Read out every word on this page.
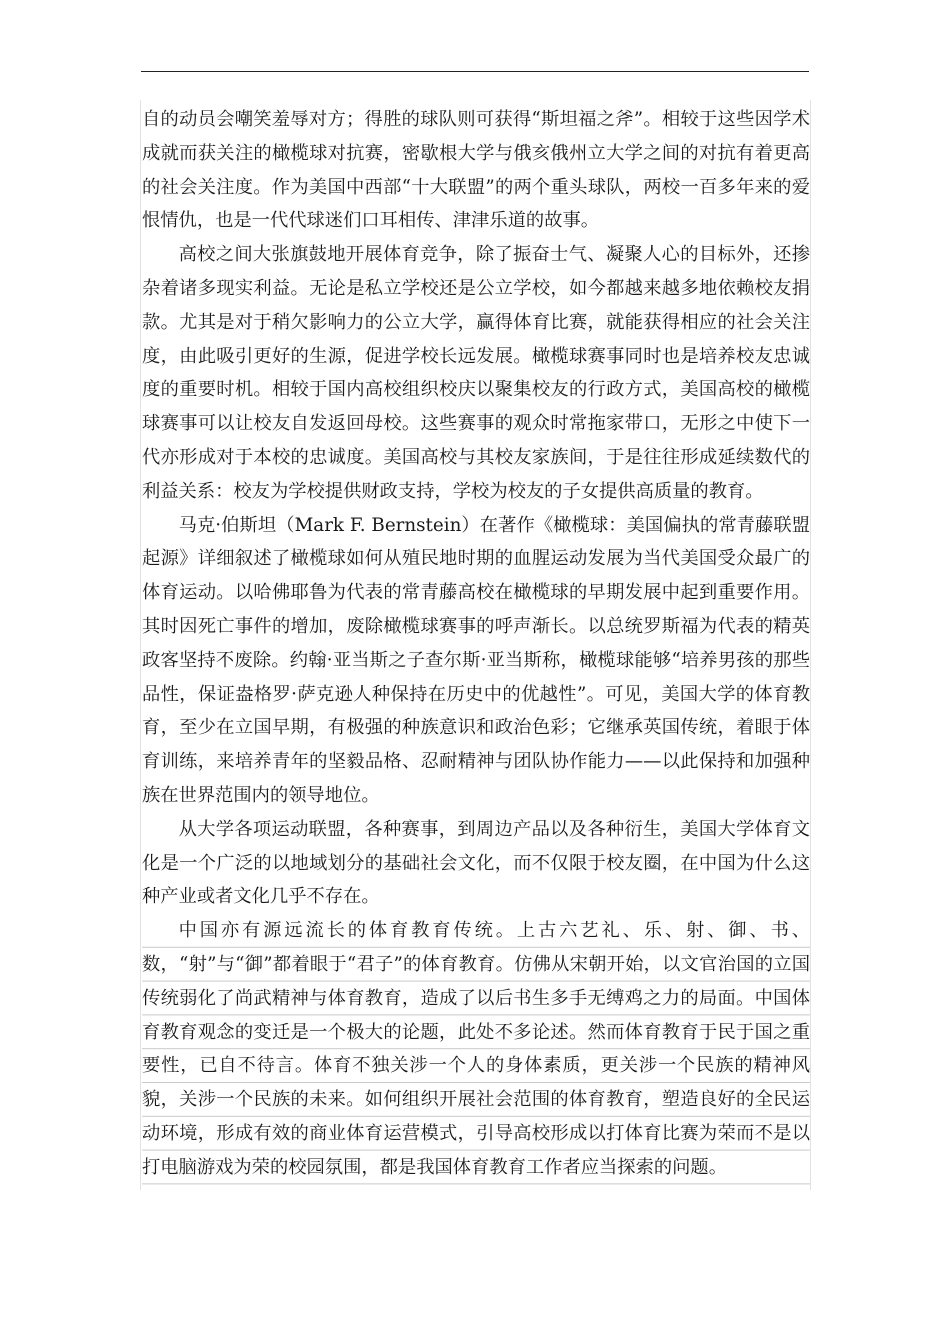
自的动员会嘲笑羞辱对方；得胜的球队则可获得“斯坦福之斧”。相较于这些因学术成就而获关注的橄榄球对抗赛，密歇根大学与俄亥俄州立大学之间的对抗有着更高的社会关注度。作为美国中西部“十大联盟”的两个重头球队，两校一百多年来的爱恨情仇，也是一代代球迷们口耳相传、津津乐道的故事。

高校之间大张旗鼓地开展体育竞争，除了振奋士气、凝聚人心的目标外，还掺杂着诸多现实利益。无论是私立学校还是公立学校，如今都越来越多地依赖校友捐款。尤其是对于稍欠影响力的公立大学，赢得体育比赛，就能获得相应的社会关注度，由此吸引更好的生源，促进学校长远发展。橄榄球赛事同时也是培养校友忠诚度的重要时机。相较于国内高校组织校庆以聚集校友的行政方式，美国高校的橄榄球赛事可以让校友自发返回母校。这些赛事的观众时常拖家带口，无形之中使下一代亦形成对于本校的忠诚度。美国高校与其校友家族间，于是往往形成延续数代的利益关系：校友为学校提供财政支持，学校为校友的子女提供高质量的教育。

马克·伯斯坦（Mark F. Bernstein）在著作《橄榄球：美国偏执的常青藤联盟起源》详细叙述了橄榄球如何从殖民地时期的血腥运动发展为当代美国受众最广的体育运动。以哈佛耶鲁为代表的常青藤高校在橄榄球的早期发展中起到重要作用。其时因死亡事件的增加，废除橄榄球赛事的呼声渐长。以总统罗斯福为代表的精英政客坚持不废除。约翰·亚当斯之子查尔斯·亚当斯称，橄榄球能够“培养男孩的那些品性，保证盎格罗·萨克逊人种保持在历史中的优越性”。可见，美国大学的体育教育，至少在立国早期，有极强的种族意识和政治色彩；它继承英国传统，着眼于体育训练，来培养青年的坚毅品格、忍耐精神与团队协作能力——以此保持和加强种族在世界范围内的领导地位。

从大学各项运动联盟，各种赛事，到周边产品以及各种衍生，美国大学体育文化是一个广泛的以地域划分的基础社会文化，而不仅限于校友圈，在中国为什么这种产业或者文化几乎不存在。

中国亦有源远流长的体育教育传统。上古六艺礼、乐、射、御、书、数，“射”与“御”都着眼于“君子”的体育教育。仿佛从宋朝开始，以文官治国的立国传统弱化了尚武精神与体育教育，造成了以后书生多手无缚鸡之力的局面。中国体育教育观念的变迁是一个极大的论题，此处不多论述。然而体育教育于民于国之重要性，已自不待言。体育不独关涉一个人的身体素质，更关涉一个民族的精神风貌，关涉一个民族的未来。如何组织开展社会范围的体育教育，塑造良好的全民运动环境，形成有效的商业体育运营模式，引导高校形成以打体育比赛为荣而不是以打电脑游戏为荣的校园氛围，都是我国体育教育工作者应当探索的问题。
